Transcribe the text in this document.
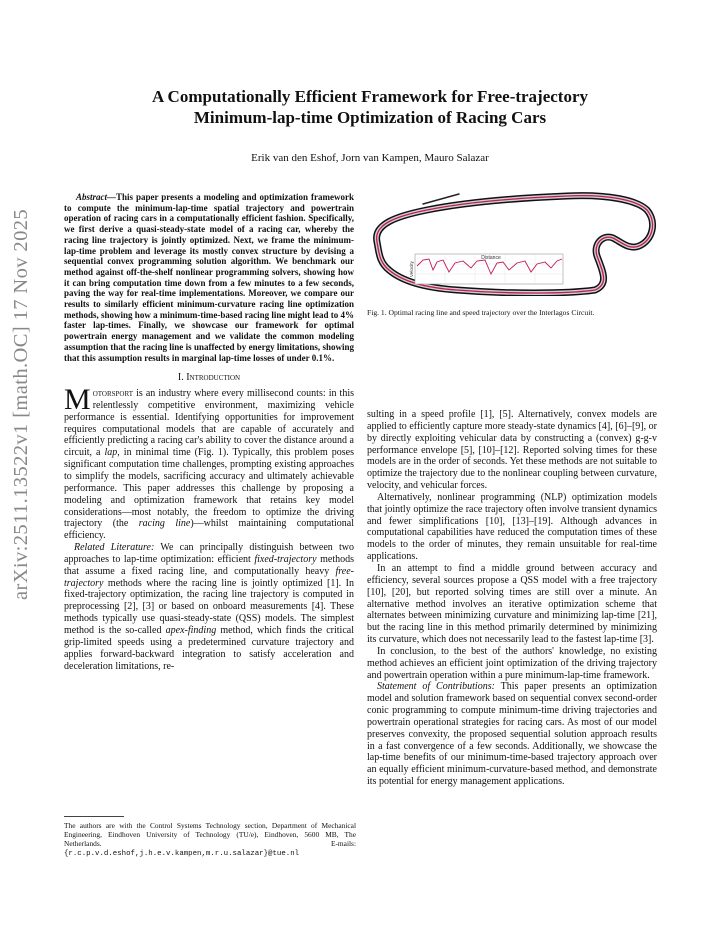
arXiv:2511.13522v1 [math.OC] 17 Nov 2025
A Computationally Efficient Framework for Free-trajectory
Minimum-lap-time Optimization of Racing Cars
Erik van den Eshof, Jorn van Kampen, Mauro Salazar

Abstract—This paper presents a modeling and optimization framework to compute the minimum-lap-time spatial trajectory and powertrain operation of racing cars in a computationally efficient fashion. Specifically, we first derive a quasi-steady-state model of a racing car, whereby the racing line trajectory is jointly optimized. Next, we frame the minimum-lap-time problem and leverage its mostly convex structure by devising a sequential convex programming solution algorithm. We benchmark our method against off-the-shelf nonlinear programming solvers, showing how it can bring computation time down from a few minutes to a few seconds, paving the way for real-time implementations. Moreover, we compare our results to similarly efficient minimum-curvature racing line optimization methods, showing how a minimum-time-based racing line might lead to 4% faster lap-times. Finally, we showcase our framework for optimal powertrain energy management and we validate the common modeling assumption that the racing line is unaffected by energy limitations, showing that this assumption results in marginal lap-time losses of under 0.1%.

I. Introduction

Motorsport is an industry where every millisecond counts: in this relentlessly competitive environment, maximizing vehicle performance is essential. Identifying opportunities for improvement requires computational models that are capable of accurately and efficiently predicting a racing car's ability to cover the distance around a circuit, a lap, in minimal time (Fig. 1). Typically, this problem poses significant computation time challenges, prompting existing approaches to simplify the models, sacrificing accuracy and ultimately achievable performance. This paper addresses this challenge by proposing a modeling and optimization framework that retains key model considerations—most notably, the freedom to optimize the driving trajectory (the racing line)—whilst maintaining computational efficiency.

Related Literature: We can principally distinguish between two approaches to lap-time optimization: efficient fixed-trajectory methods that assume a fixed racing line, and computationally heavy free-trajectory methods where the racing line is jointly optimized [1]. In fixed-trajectory optimization, the racing line trajectory is computed in preprocessing [2], [3] or based on onboard measurements [4]. These methods typically use quasi-steady-state (QSS) models. The simplest method is the so-called apex-finding method, which finds the critical grip-limited speeds using a predetermined curvature trajectory and applies forward-backward integration to satisfy acceleration and deceleration limitations, re-

The authors are with the Control Systems Technology section, Department of Mechanical Engineering, Eindhoven University of Technology (TU/e), Eindhoven, 5600 MB, The Netherlands. E-mails: {r.c.p.v.d.eshof,j.h.e.v.kampen,m.r.u.salazar}@tue.nl
Distance
Velocity
Fig. 1. Optimal racing line and speed trajectory over the Interlagos Circuit.

sulting in a speed profile [1], [5]. Alternatively, convex models are applied to efficiently capture more steady-state dynamics [4], [6]–[9], or by directly exploiting vehicular data by constructing a (convex) g-g-v performance envelope [5], [10]–[12]. Reported solving times for these models are in the order of seconds. Yet these methods are not suitable to optimize the trajectory due to the nonlinear coupling between curvature, velocity, and vehicular forces.

Alternatively, nonlinear programming (NLP) optimization models that jointly optimize the race trajectory often involve transient dynamics and fewer simplifications [10], [13]–[19]. Although advances in computational capabilities have reduced the computation times of these models to the order of minutes, they remain unsuitable for real-time applications.

In an attempt to find a middle ground between accuracy and efficiency, several sources propose a QSS model with a free trajectory [10], [20], but reported solving times are still over a minute. An alternative method involves an iterative optimization scheme that alternates between minimizing curvature and minimizing lap-time [21], but the racing line in this method primarily determined by minimizing its curvature, which does not necessarily lead to the fastest lap-time [3].

In conclusion, to the best of the authors' knowledge, no existing method achieves an efficient joint optimization of the driving trajectory and powertrain operation within a pure minimum-lap-time framework.

Statement of Contributions: This paper presents an optimization model and solution framework based on sequential convex second-order conic programming to compute minimum-time driving trajectories and powertrain operational strategies for racing cars. As most of our model preserves convexity, the proposed sequential solution approach results in a fast convergence of a few seconds. Additionally, we showcase the lap-time benefits of our minimum-time-based trajectory approach over an equally efficient minimum-curvature-based method, and demonstrate its potential for energy management applications.
